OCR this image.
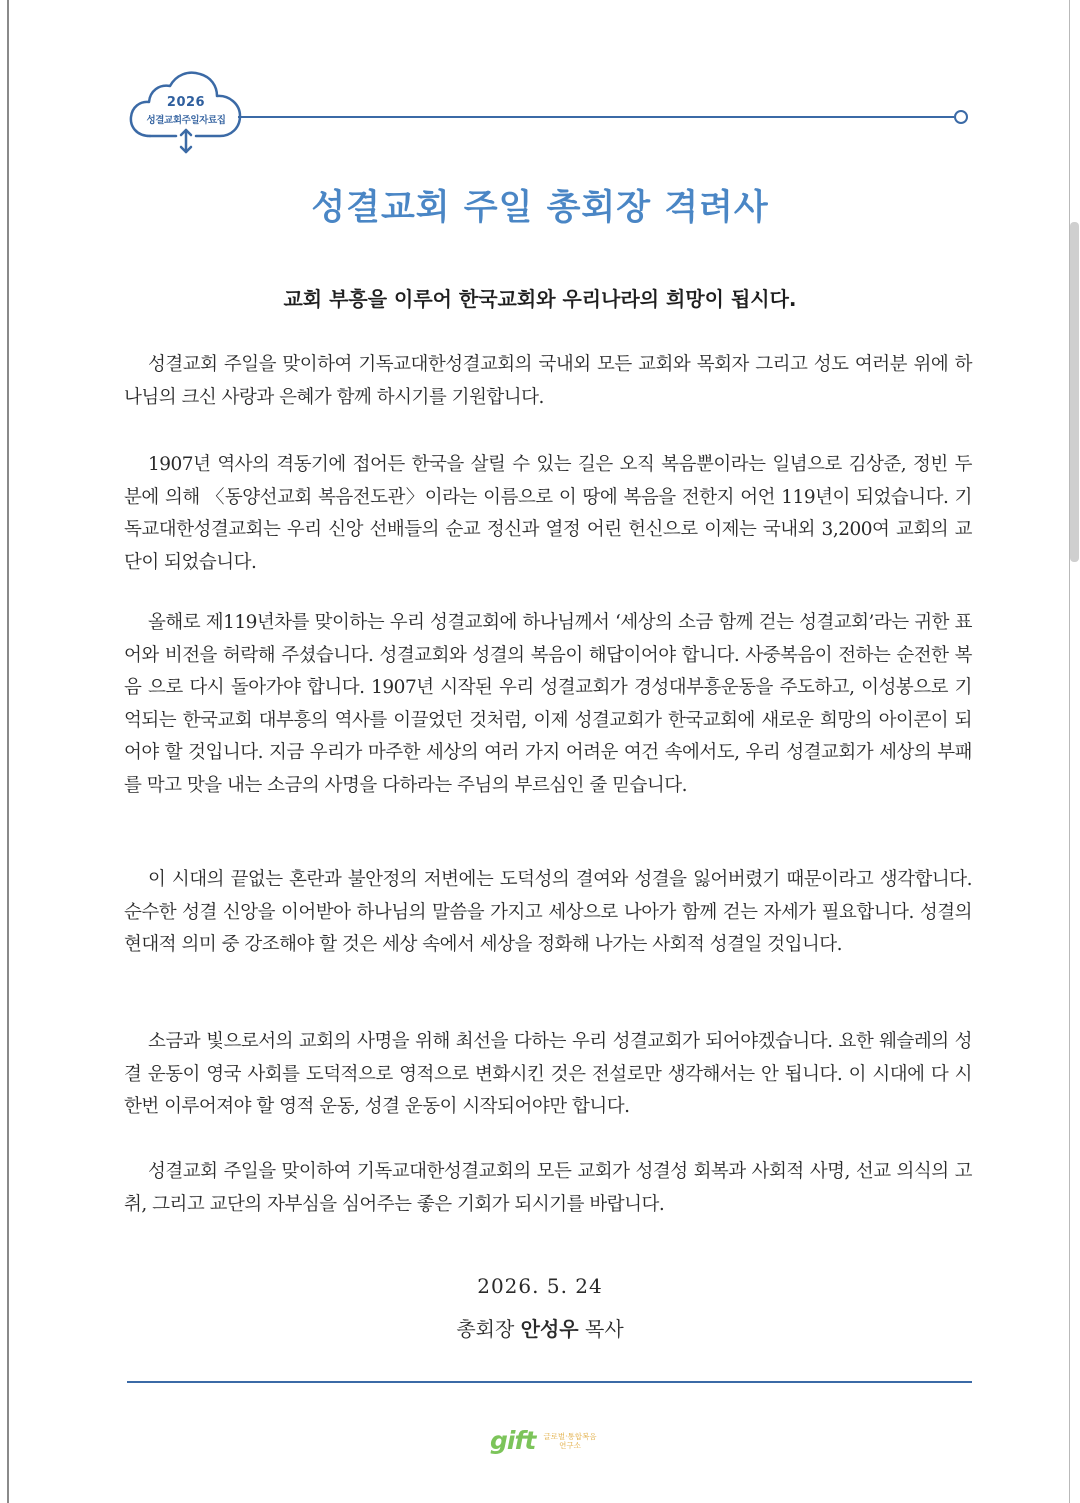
2026
성결교회주일자료집
성결교회 주일 총회장 격려사
교회 부흥을 이루어 한국교회와 우리나라의 희망이 됩시다.
성결교회 주일을 맞이하여 기독교대한성결교회의 국내외 모든 교회와 목회자 그리고 성도 여러분 위에 하나님의 크신 사랑과 은혜가 함께 하시기를 기원합니다.
1907년 역사의 격동기에 접어든 한국을 살릴 수 있는 길은 오직 복음뿐이라는 일념으로 김상준, 정빈 두 분에 의해 〈동양선교회 복음전도관〉이라는 이름으로 이 땅에 복음을 전한지 어언 119년이 되었습니다. 기독교대한성결교회는 우리 신앙 선배들의 순교 정신과 열정 어린 헌신으로 이제는 국내외 3,200여 교회의 교단이 되었습니다.
올해로 제119년차를 맞이하는 우리 성결교회에 하나님께서 ‘세상의 소금 함께 걷는 성결교회’라는 귀한 표어와 비전을 허락해 주셨습니다. 성결교회와 성결의 복음이 해답이어야 합니다. 사중복음이 전하는 순전한 복음 으로 다시 돌아가야 합니다. 1907년 시작된 우리 성결교회가 경성대부흥운동을 주도하고, 이성봉으로 기억되는 한국교회 대부흥의 역사를 이끌었던 것처럼, 이제 성결교회가 한국교회에 새로운 희망의 아이콘이 되어야 할 것입니다. 지금 우리가 마주한 세상의 여러 가지 어려운 여건 속에서도, 우리 성결교회가 세상의 부패를 막고 맛을 내는 소금의 사명을 다하라는 주님의 부르심인 줄 믿습니다.
이 시대의 끝없는 혼란과 불안정의 저변에는 도덕성의 결여와 성결을 잃어버렸기 때문이라고 생각합니다. 순수한 성결 신앙을 이어받아 하나님의 말씀을 가지고 세상으로 나아가 함께 걷는 자세가 필요합니다. 성결의 현대적 의미 중 강조해야 할 것은 세상 속에서 세상을 정화해 나가는 사회적 성결일 것입니다.
소금과 빛으로서의 교회의 사명을 위해 최선을 다하는 우리 성결교회가 되어야겠습니다. 요한 웨슬레의 성결 운동이 영국 사회를 도덕적으로 영적으로 변화시킨 것은 전설로만 생각해서는 안 됩니다. 이 시대에 다 시 한번 이루어져야 할 영적 운동, 성결 운동이 시작되어야만 합니다.
성결교회 주일을 맞이하여 기독교대한성결교회의 모든 교회가 성결성 회복과 사회적 사명, 선교 의식의 고취, 그리고 교단의 자부심을 심어주는 좋은 기회가 되시기를 바랍니다.
2026. 5. 24
총회장 안성우 목사
gift	글로벌·통합복음
연구소
